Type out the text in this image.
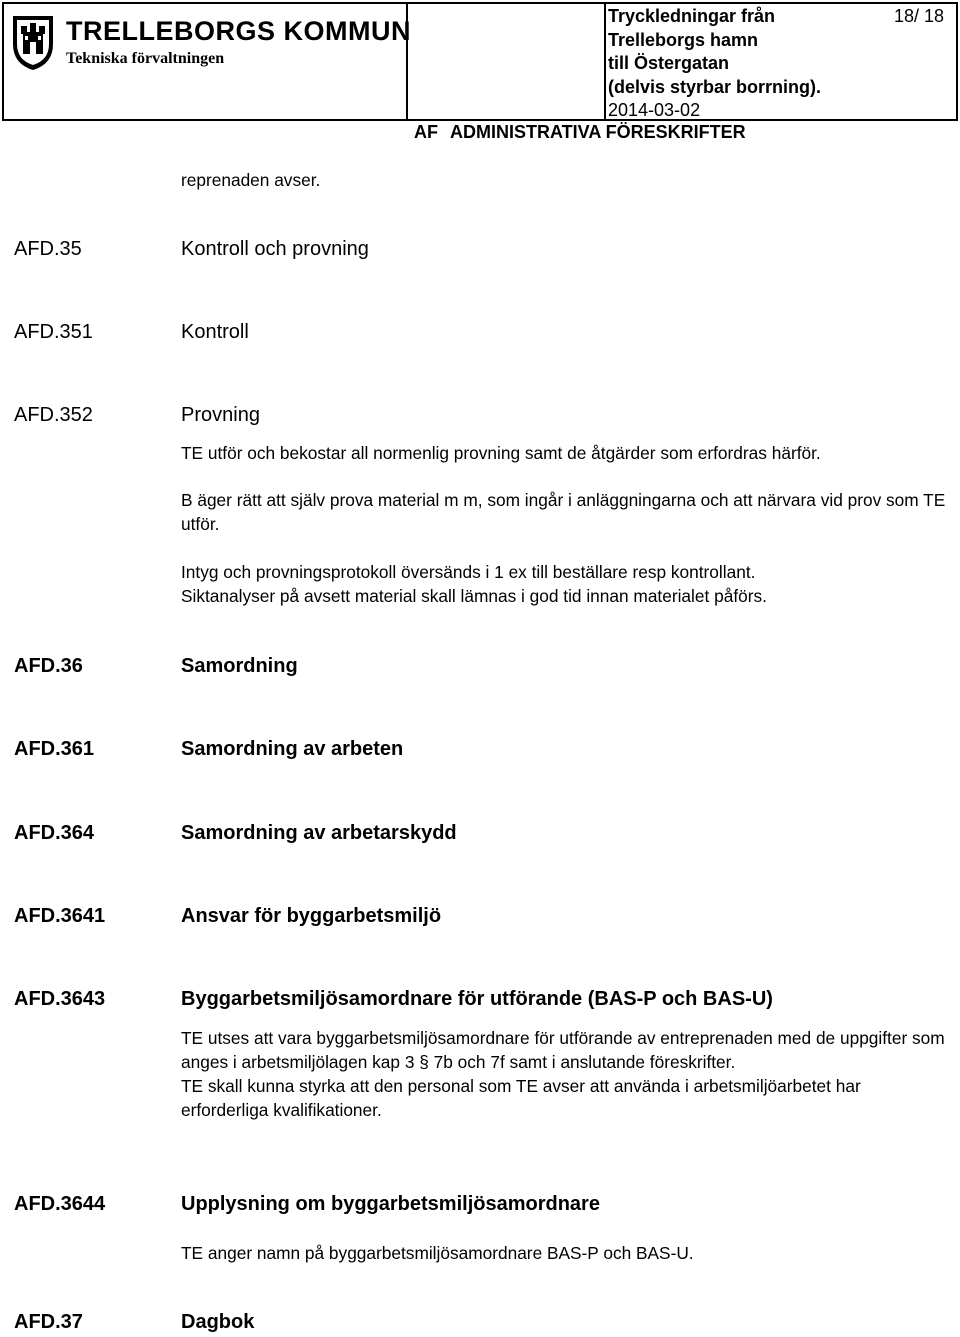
TRELLEBORGS KOMMUN
Tekniska förvaltningen
Tryckledningar från
Trelleborgs hamn
till Östergatan
(delvis styrbar borrning).
2014-03-02
18/ 18
AF ADMINISTRATIVA FÖRESKRIFTER
reprenaden avser.
AFD.35	Kontroll och provning
AFD.351	Kontroll
AFD.352	Provning
TE utför och bekostar all normenlig provning samt de åtgärder som erfordras härför.
B äger rätt att själv prova material m m, som ingår i anläggningarna och att närvara vid prov som TE utför.

Intyg och provningsprotokoll översänds i 1 ex till beställare resp kontrollant.

Siktanalyser på avsett material skall lämnas i god tid innan materialet påförs.

AFD.36	Samordning
AFD.361	Samordning av arbeten
AFD.364	Samordning av arbetarskydd
AFD.3641	Ansvar för byggarbetsmiljö
AFD.3643	Byggarbetsmiljösamordnare för utförande (BAS-P och BAS-U)

TE utses att vara byggarbetsmiljösamordnare för utförande av entreprenaden med de uppgifter som anges i arbetsmiljölagen kap 3 § 7b och 7f samt i anslutande föreskrifter.

TE skall kunna styrka att den personal som TE avser att använda i arbetsmiljöarbetet har erforderliga kvalifikationer.

AFD.3644	Upplysning om byggarbetsmiljösamordnare
TE anger namn på byggarbetsmiljösamordnare BAS-P och BAS-U.
AFD.37	Dagbok
